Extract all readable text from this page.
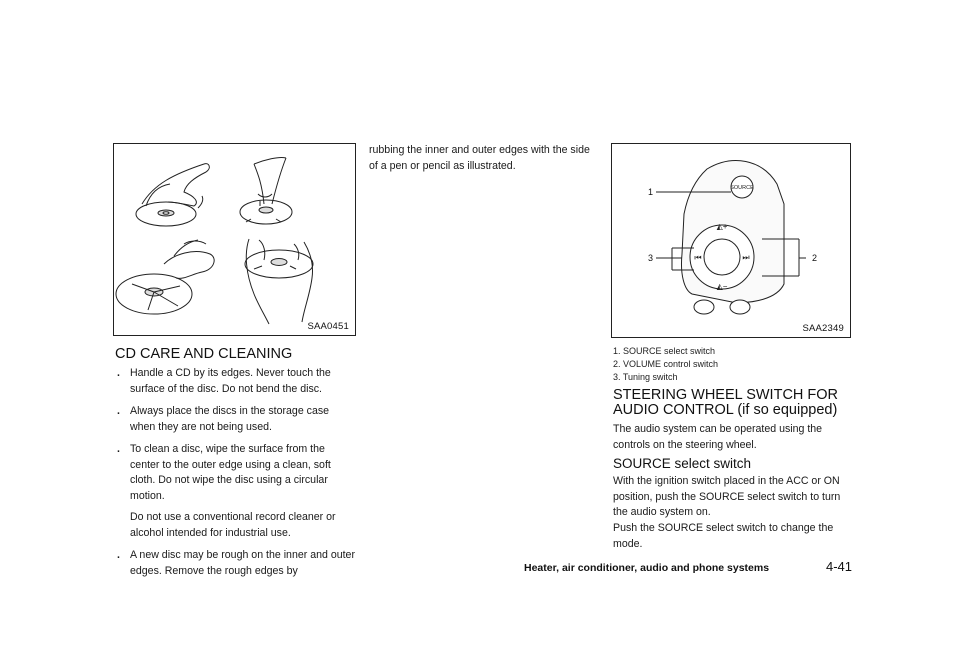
SAA0451
CD CARE AND CLEANING
. Handle a CD by its edges. Never touch the surface of the disc. Do not bend the disc.
. Always place the discs in the storage case when they are not being used.
. To clean a disc, wipe the surface from the center to the outer edge using a clean, soft cloth. Do not wipe the disc using a circular motion.
Do not use a conventional record cleaner or alcohol intended for industrial use.
. A new disc may be rough on the inner and outer edges. Remove the rough edges by

rubbing the inner and outer edges with the side of a pen or pencil as illustrated.

SOURCE
◭+
◭−
⏮	⏭
1
2
3
SAA2349
1. SOURCE select switch
2. VOLUME control switch
3. Tuning switch
STEERING WHEEL SWITCH FOR
AUDIO CONTROL (if so equipped)

The audio system can be operated using the controls on the steering wheel.

SOURCE select switch

With the ignition switch placed in the ACC or ON position, push the SOURCE select switch to turn the audio system on.

Push the SOURCE select switch to change the mode.

Heater, air conditioner, audio and phone systems	4-41
